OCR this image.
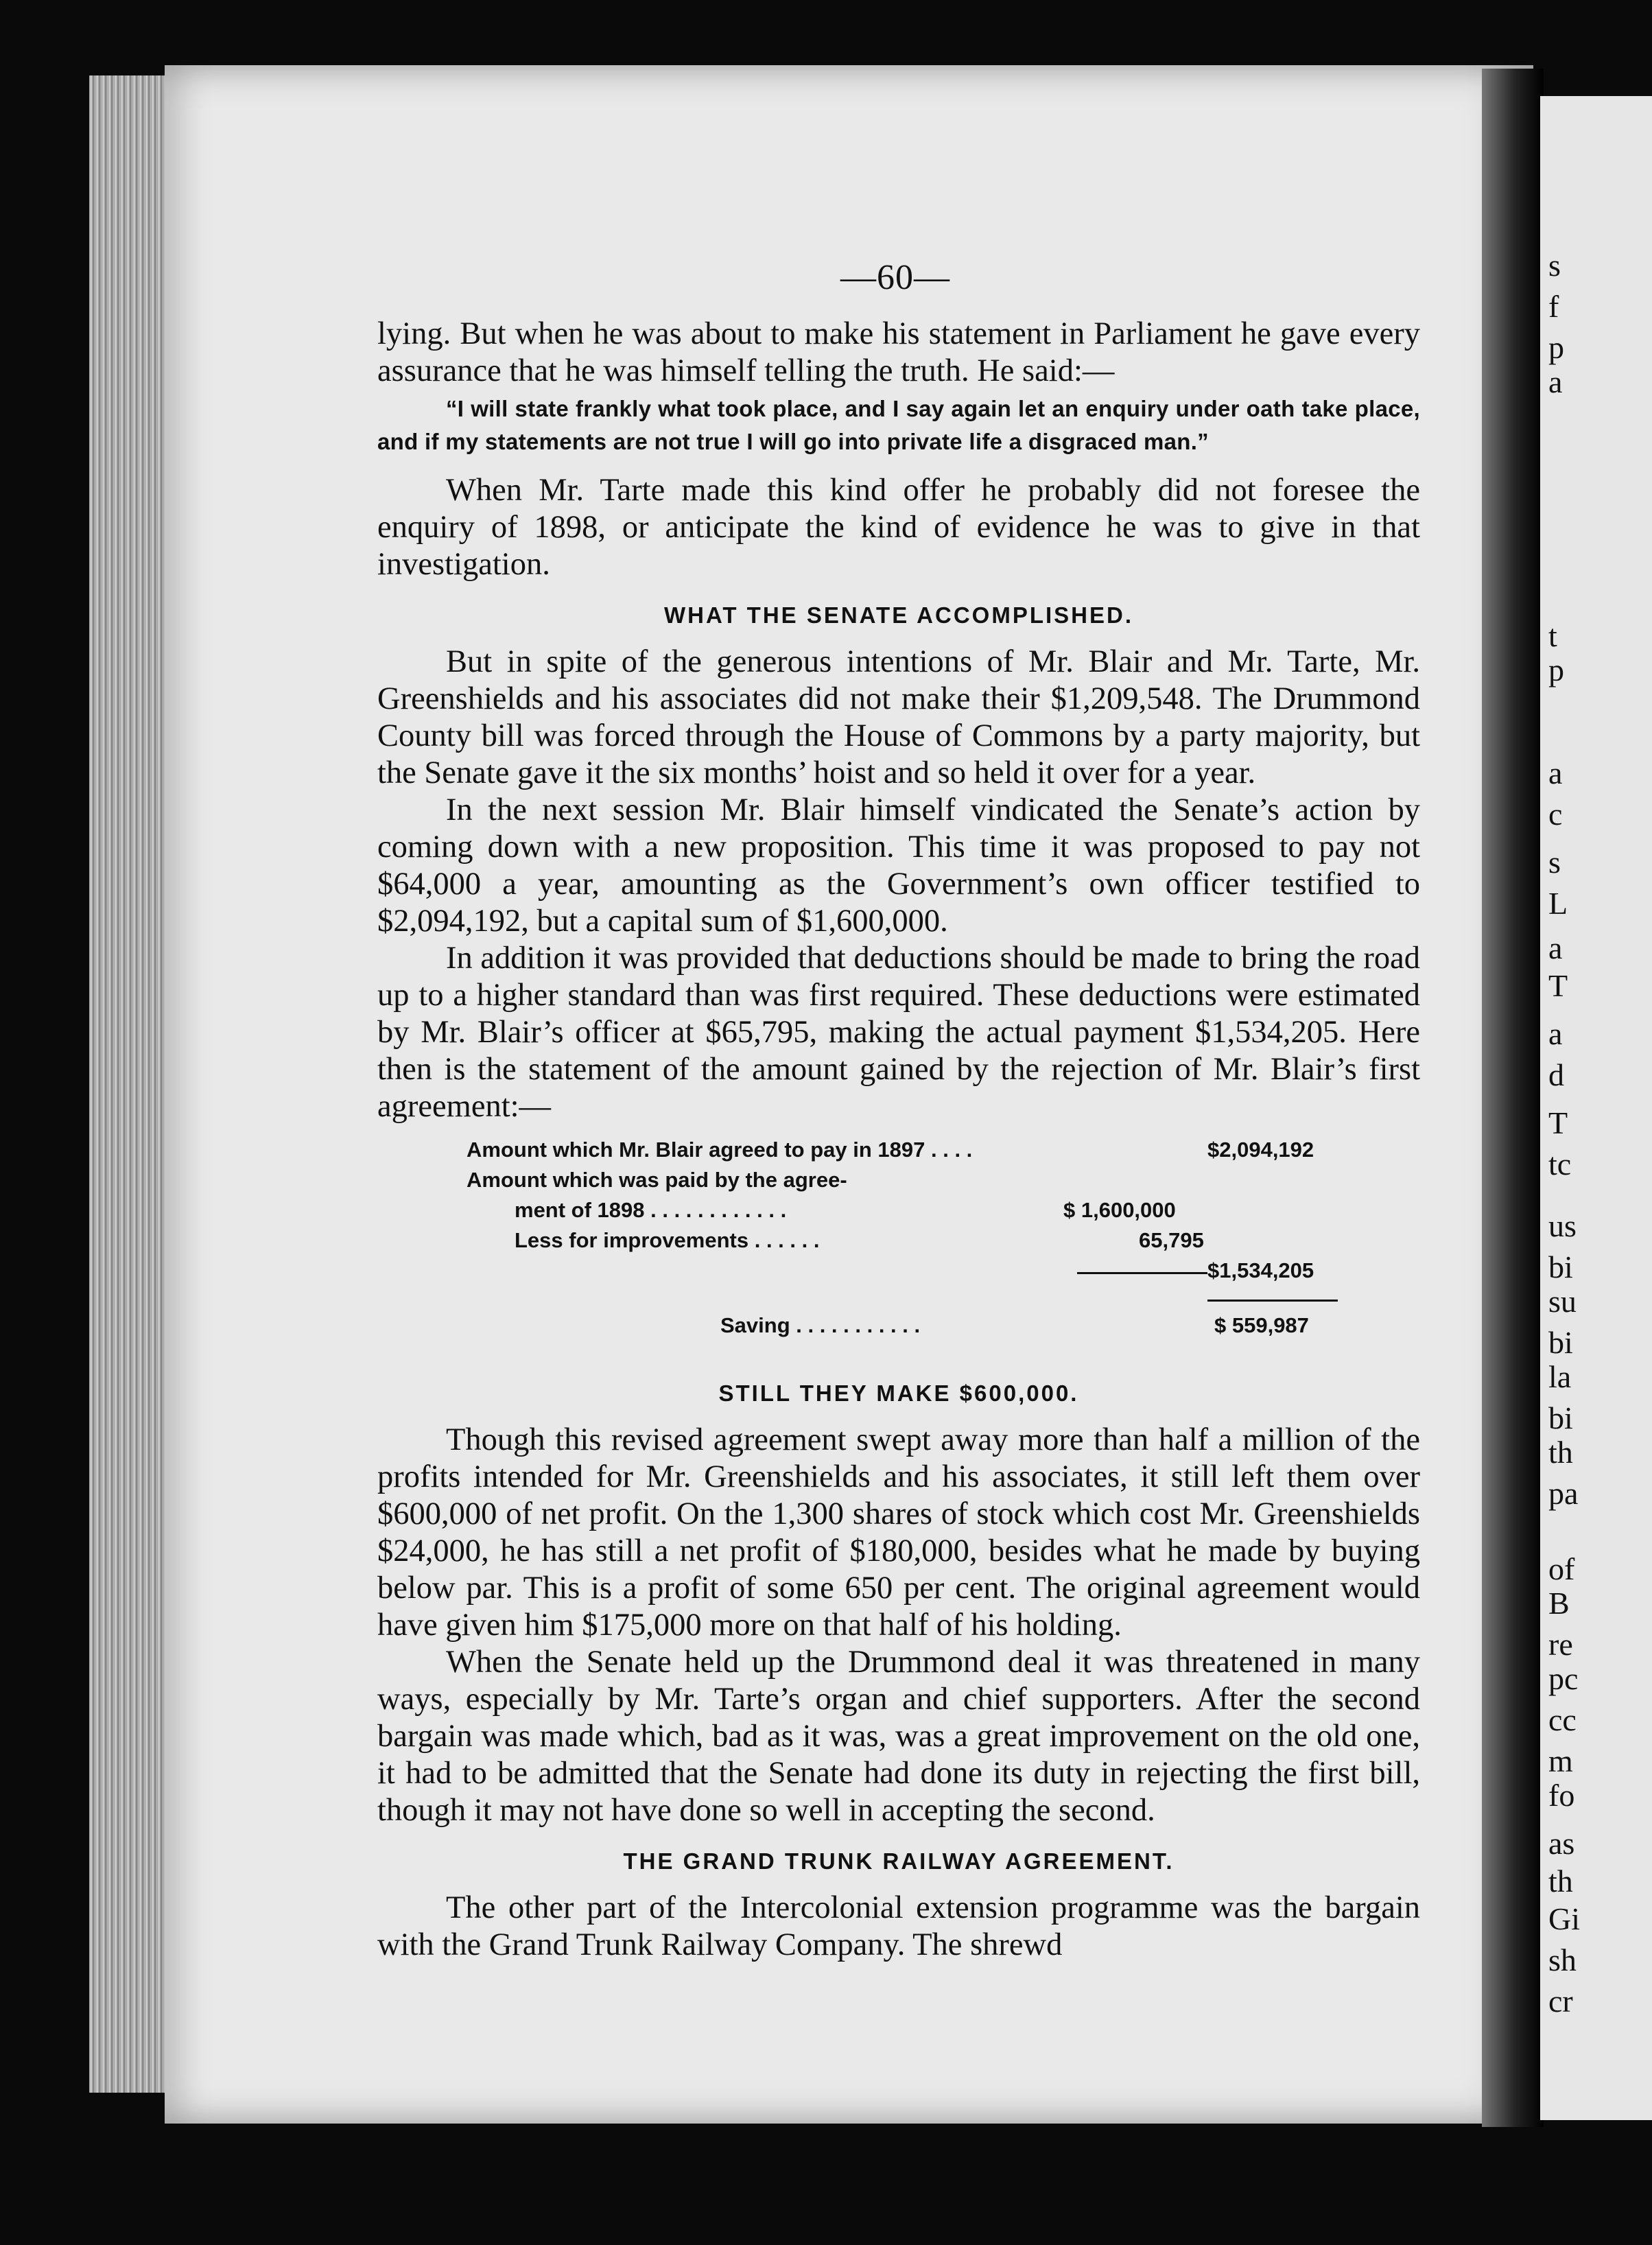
s
f
p
a
t
p
a
c
s
L
a
T
a
d
T
tc
us
bi
su
bi
la
bi
th
pa
of
B
re
pc
cc
m
fo
as
th
Gi
sh
cr
—60—

lying. But when he was about to make his statement in Parliament he gave every assurance that he was himself telling the truth. He said:—

“I will state frankly what took place, and I say again let an enquiry under oath take place, and if my statements are not true I will go into private life a disgraced man.”

When Mr. Tarte made this kind offer he probably did not foresee the enquiry of 1898, or anticipate the kind of evidence he was to give in that investigation.

WHAT THE SENATE ACCOMPLISHED.

But in spite of the generous intentions of Mr. Blair and Mr. Tarte, Mr. Greenshields and his associates did not make their $1,209,548. The Drummond County bill was forced through the House of Commons by a party majority, but the Senate gave it the six months’ hoist and so held it over for a year.

In the next session Mr. Blair himself vindicated the Senate’s action by coming down with a new proposition. This time it was proposed to pay not $64,000 a year, amounting as the Government’s own officer testified to $2,094,192, but a capital sum of $1,600,000.

In addition it was provided that deductions should be made to bring the road up to a higher standard than was first required. These deductions were estimated by Mr. Blair’s officer at $65,795, making the actual payment $1,534,205. Here then is the statement of the amount gained by the rejection of Mr. Blair’s first agreement:—

Amount which Mr. Blair agreed to pay in 1897 . . . .	$2,094,192
Amount which was paid by the agree-
ment of 1898 . . . . . . . . . . . .	$ 1,600,000
Less for improvements . . . . . .	65,795
$1,534,205
Saving . . . . . . . . . . .	$ 559,987
STILL THEY MAKE $600,000.

Though this revised agreement swept away more than half a million of the profits intended for Mr. Greenshields and his associates, it still left them over $600,000 of net profit. On the 1,300 shares of stock which cost Mr. Greenshields $24,000, he has still a net profit of $180,000, besides what he made by buying below par. This is a profit of some 650 per cent. The original agreement would have given him $175,000 more on that half of his holding.

When the Senate held up the Drummond deal it was threatened in many ways, especially by Mr. Tarte’s organ and chief supporters. After the second bargain was made which, bad as it was, was a great improvement on the old one, it had to be admitted that the Senate had done its duty in rejecting the first bill, though it may not have done so well in accepting the second.

THE GRAND TRUNK RAILWAY AGREEMENT.

The other part of the Intercolonial extension programme was the bargain with the Grand Trunk Railway Company. The shrewd
